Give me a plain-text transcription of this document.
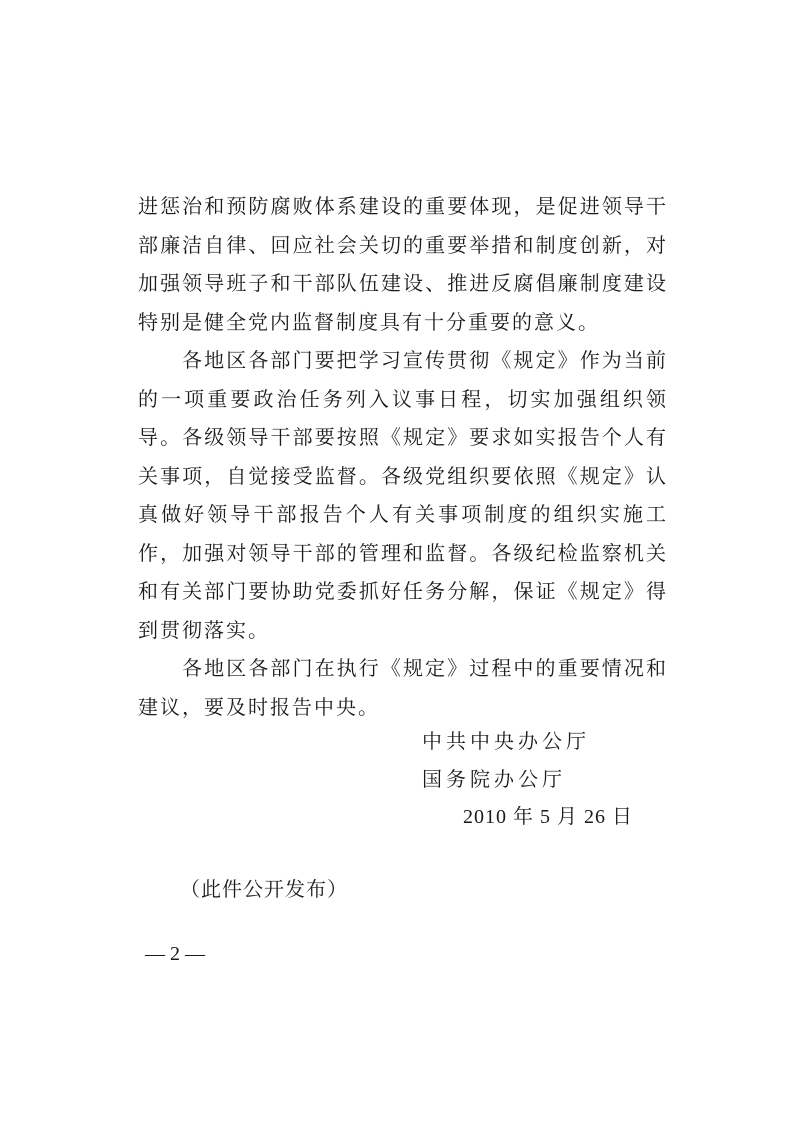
进惩治和预防腐败体系建设的重要体现，是促进领导干部廉洁自律、回应社会关切的重要举措和制度创新，对加强领导班子和干部队伍建设、推进反腐倡廉制度建设特别是健全党内监督制度具有十分重要的意义。

各地区各部门要把学习宣传贯彻《规定》作为当前的一项重要政治任务列入议事日程，切实加强组织领导。各级领导干部要按照《规定》要求如实报告个人有关事项，自觉接受监督。各级党组织要依照《规定》认真做好领导干部报告个人有关事项制度的组织实施工作，加强对领导干部的管理和监督。各级纪检监察机关和有关部门要协助党委抓好任务分解，保证《规定》得到贯彻落实。

各地区各部门在执行《规定》过程中的重要情况和建议，要及时报告中央。

中共中央办公厅
国务院办公厅
2010 年 5 月 26 日
（此件公开发布）
— 2 —
